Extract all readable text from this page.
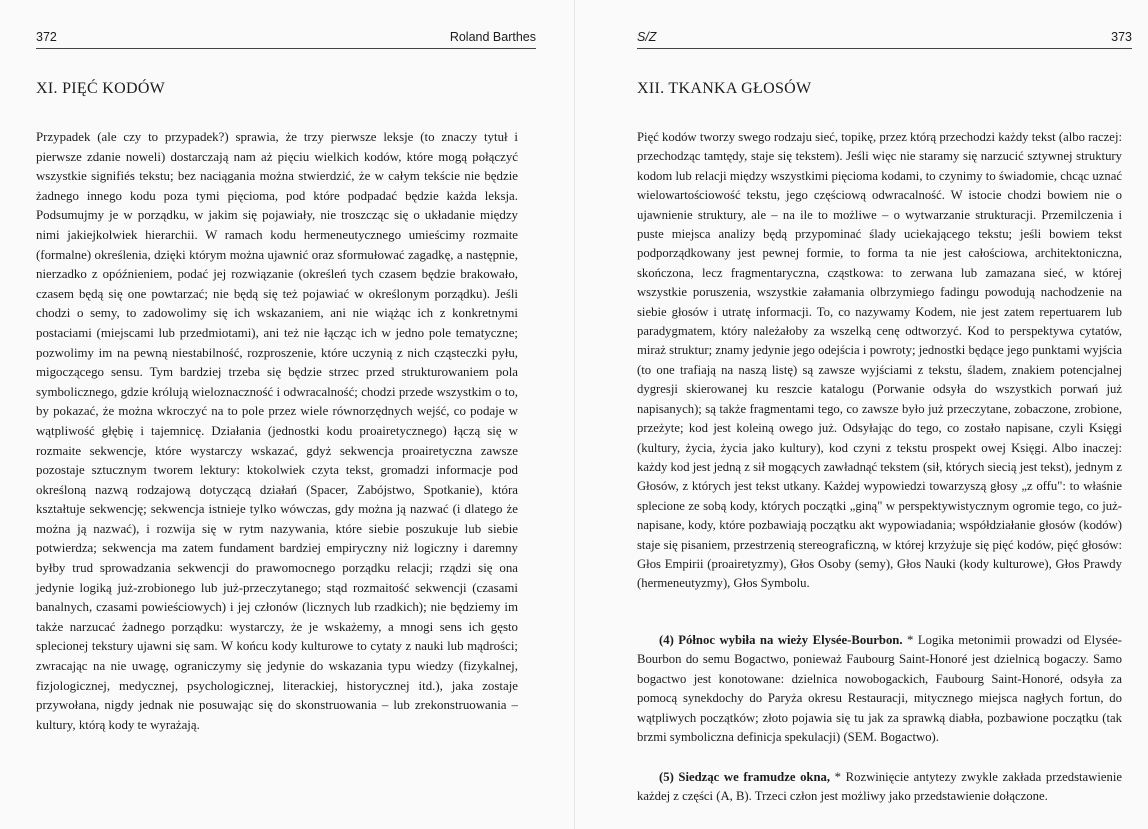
372	Roland Barthes
XI. PIĘĆ KODÓW

Przypadek (ale czy to przypadek?) sprawia, że trzy pierwsze leksje (to znaczy tytuł i pierwsze zdanie noweli) dostarczają nam aż pięciu wielkich kodów, które mogą połączyć wszystkie signifiés tekstu; bez naciągania można stwierdzić, że w całym tekście nie będzie żadnego innego kodu poza tymi pięcioma, pod które podpadać będzie każda leksja. Podsumujmy je w porządku, w jakim się pojawiały, nie troszcząc się o układanie między nimi jakiejkolwiek hierarchii. W ramach kodu hermeneutycznego umieścimy rozmaite (formalne) określenia, dzięki którym można ujawnić oraz sformułować zagadkę, a następnie, nierzadko z opóźnieniem, podać jej rozwiązanie (określeń tych czasem będzie brakowało, czasem będą się one powtarzać; nie będą się też pojawiać w określonym porządku). Jeśli chodzi o semy, to zadowolimy się ich wskazaniem, ani nie wiążąc ich z konkretnymi postaciami (miejscami lub przedmiotami), ani też nie łącząc ich w jedno pole tematyczne; pozwolimy im na pewną niestabilność, rozproszenie, które uczynią z nich cząsteczki pyłu, migoczącego sensu. Tym bardziej trzeba się będzie strzec przed strukturowaniem pola symbolicznego, gdzie królują wieloznaczność i odwracalność; chodzi przede wszystkim o to, by pokazać, że można wkroczyć na to pole przez wiele równorzędnych wejść, co podaje w wątpliwość głębię i tajemnicę. Działania (jednostki kodu proairetycznego) łączą się w rozmaite sekwencje, które wystarczy wskazać, gdyż sekwencja proairetyczna zawsze pozostaje sztucznym tworem lektury: ktokolwiek czyta tekst, gromadzi informacje pod określoną nazwą rodzajową dotyczącą działań (Spacer, Zabójstwo, Spotkanie), która kształtuje sekwencję; sekwencja istnieje tylko wówczas, gdy można ją nazwać (i dlatego że można ją nazwać), i rozwija się w rytm nazywania, które siebie poszukuje lub siebie potwierdza; sekwencja ma zatem fundament bardziej empiryczny niż logiczny i daremny byłby trud sprowadzania sekwencji do prawomocnego porządku relacji; rządzi się ona jedynie logiką już-zrobionego lub już-przeczytanego; stąd rozmaitość sekwencji (czasami banalnych, czasami powieściowych) i jej członów (licznych lub rzadkich); nie będziemy im także narzucać żadnego porządku: wystarczy, że je wskażemy, a mnogi sens ich gęsto splecionej tekstury ujawni się sam. W końcu kody kulturowe to cytaty z nauki lub mądrości; zwracając na nie uwagę, ograniczymy się jedynie do wskazania typu wiedzy (fizykalnej, fizjologicznej, medycznej, psychologicznej, literackiej, historycznej itd.), jaka zostaje przywołana, nigdy jednak nie posuwając się do skonstruowania – lub zrekonstruowania – kultury, którą kody te wyrażają.

S/Z	373
XII. TKANKA GŁOSÓW

Pięć kodów tworzy swego rodzaju sieć, topikę, przez którą przechodzi każdy tekst (albo raczej: przechodząc tamtędy, staje się tekstem). Jeśli więc nie staramy się narzucić sztywnej struktury kodom lub relacji między wszystkimi pięcioma kodami, to czynimy to świadomie, chcąc uznać wielowartościowość tekstu, jego częściową odwracalność. W istocie chodzi bowiem nie o ujawnienie struktury, ale – na ile to możliwe – o wytwarzanie strukturacji. Przemilczenia i puste miejsca analizy będą przypominać ślady uciekającego tekstu; jeśli bowiem tekst podporządkowany jest pewnej formie, to forma ta nie jest całościowa, architektoniczna, skończona, lecz fragmentaryczna, cząstkowa: to zerwana lub zamazana sieć, w której wszystkie poruszenia, wszystkie załamania olbrzymiego fadingu powodują nachodzenie na siebie głosów i utratę informacji. To, co nazywamy Kodem, nie jest zatem repertuarem lub paradygmatem, który należałoby za wszelką cenę odtworzyć. Kod to perspektywa cytatów, miraż struktur; znamy jedynie jego odejścia i powroty; jednostki będące jego punktami wyjścia (to one trafiają na naszą listę) są zawsze wyjściami z tekstu, śladem, znakiem potencjalnej dygresji skierowanej ku reszcie katalogu (Porwanie odsyła do wszystkich porwań już napisanych); są także fragmentami tego, co zawsze było już przeczytane, zobaczone, zrobione, przeżyte; kod jest koleiną owego już. Odsyłając do tego, co zostało napisane, czyli Księgi (kultury, życia, życia jako kultury), kod czyni z tekstu prospekt owej Księgi. Albo inaczej: każdy kod jest jedną z sił mogących zawładnąć tekstem (sił, których siecią jest tekst), jednym z Głosów, z których jest tekst utkany. Każdej wypowiedzi towarzyszą głosy „z offu": to właśnie splecione ze sobą kody, których początki „giną" w perspektywistycznym ogromie tego, co już-napisane, kody, które pozbawiają początku akt wypowiadania; współdziałanie głosów (kodów) staje się pisaniem, przestrzenią stereograficzną, w której krzyżuje się pięć kodów, pięć głosów: Głos Empirii (proairetyzmy), Głos Osoby (semy), Głos Nauki (kody kulturowe), Głos Prawdy (hermeneutyzmy), Głos Symbolu.

(4) Północ wybiła na wieży Elysée-Bourbon. * Logika metonimii prowadzi od Elysée-Bourbon do semu Bogactwo, ponieważ Faubourg Saint-Honoré jest dzielnicą bogaczy. Samo bogactwo jest konotowane: dzielnica nowobogackich, Faubourg Saint-Honoré, odsyła za pomocą synekdochy do Paryża okresu Restauracji, mitycznego miejsca nagłych fortun, do wątpliwych początków; złoto pojawia się tu jak za sprawką diabła, pozbawione początku (tak brzmi symboliczna definicja spekulacji) (SEM. Bogactwo).

(5) Siedząc we framudze okna, * Rozwinięcie antytezy zwykle zakłada przedstawienie każdej z części (A, B). Trzeci człon jest możliwy jako przedstawienie dołączone.
